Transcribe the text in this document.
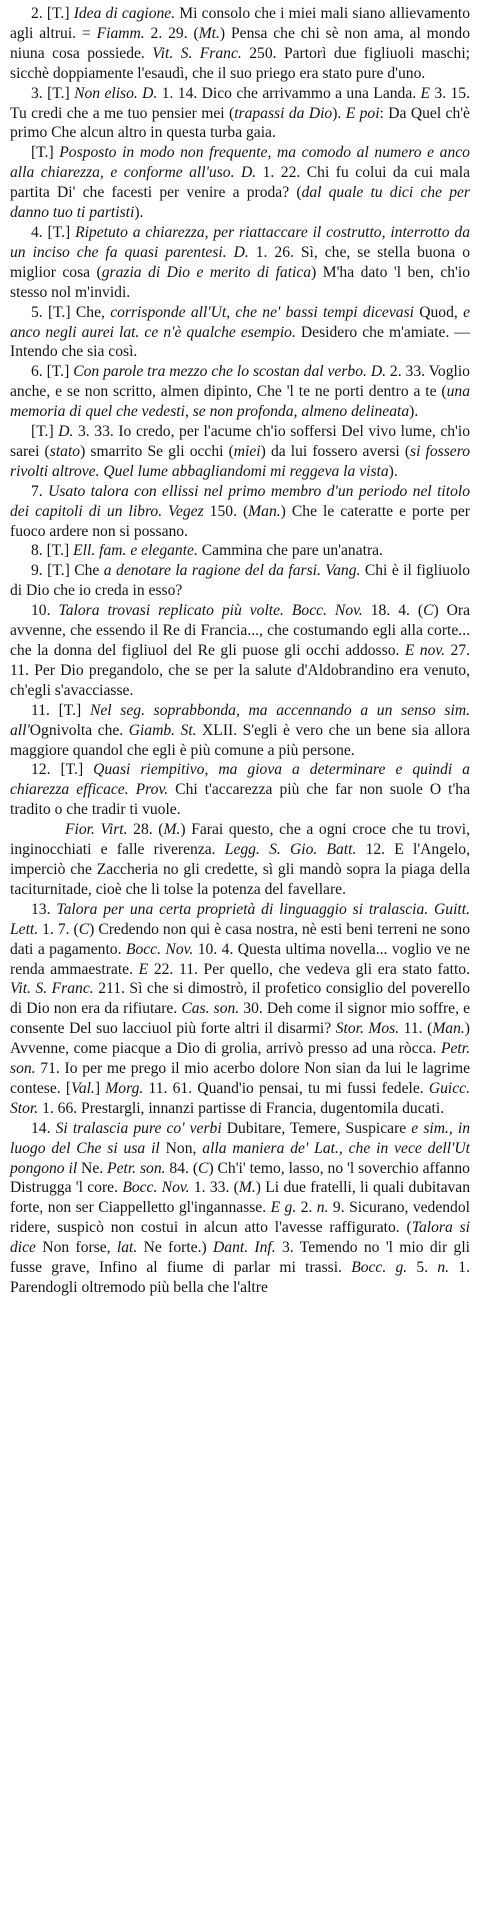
2. [T.] Idea di cagione. Mi consolo che i miei mali siano allievamento agli altrui. = Fiamm. 2. 29. (Mt.) Pensa che chi sè non ama, al mondo niuna cosa possiede. Vit. S. Franc. 250. Partorì due figliuoli maschi; sicchè doppiamente l'esaudì, che il suo priego era stato pure d'uno.

3. [T.] Non eliso. D. 1. 14. Dico che arrivammo a una Landa. E 3. 15. Tu credi che a me tuo pensier mei (trapassi da Dio). E poi: Da Quel ch'è primo Che alcun altro in questa turba gaia.

[T.] Posposto in modo non frequente, ma comodo al numero e anco alla chiarezza, e conforme all'uso. D. 1. 22. Chi fu colui da cui mala partita Di' che facesti per venire a proda? (dal quale tu dici che per danno tuo ti partisti).

4. [T.] Ripetuto a chiarezza, per riattaccare il costrutto, interrotto da un inciso che fa quasi parentesi. D. 1. 26. Sì, che, se stella buona o miglior cosa (grazia di Dio e merito di fatica) M'ha dato 'l ben, ch'io stesso nol m'invidi.

5. [T.] Che, corrisponde all'Ut, che ne' bassi tempi dicevasi Quod, e anco negli aurei lat. ce n'è qualche esempio. Desidero che m'amiate. — Intendo che sia così.

6. [T.] Con parole tra mezzo che lo scostan dal verbo. D. 2. 33. Voglio anche, e se non scritto, almen dipinto, Che 'l te ne porti dentro a te (una memoria di quel che vedesti, se non profonda, almeno delineata).

[T.] D. 3. 33. Io credo, per l'acume ch'io soffersi Del vivo lume, ch'io sarei (stato) smarrito Se gli occhi (miei) da lui fossero aversi (si fossero rivolti altrove. Quel lume abbagliandomi mi reggeva la vista).

7. Usato talora con ellissi nel primo membro d'un periodo nel titolo dei capitoli di un libro. Vegez 150. (Man.) Che le cateratte e porte per fuoco ardere non si possano.

8. [T.] Ell. fam. e elegante. Cammina che pare un'anatra.

9. [T.] Che a denotare la ragione del da farsi. Vang. Chi è il figliuolo di Dio che io creda in esso?

10. Talora trovasi replicato più volte. Bocc. Nov. 18. 4. (C) Ora avvenne, che essendo il Re di Francia..., che costumando egli alla corte... che la donna del figliuol del Re gli puose gli occhi addosso. E nov. 27. 11. Per Dio pregandolo, che se per la salute d'Aldobrandino era venuto, ch'egli s'avacciasse.

11. [T.] Nel seg. soprabbonda, ma accennando a un senso sim. all'Ognivolta che. Giamb. St. XLII. S'egli è vero che un bene sia allora maggiore quandol che egli è più comune a più persone.

12. [T.] Quasi riempitivo, ma giova a determinare e quindi a chiarezza efficace. Prov. Chi t'accarezza più che far non suole O t'ha tradito o che tradir ti vuole.

Fior. Virt. 28. (M.) Farai questo, che a ogni croce che tu trovi, inginocchiati e falle riverenza. Legg. S. Gio. Batt. 12. E l'Angelo, imperciò che Zaccheria no gli credette, sì gli mandò sopra la piaga della taciturnitade, cioè che li tolse la potenza del favellare.

13. Talora per una certa proprietà di linguaggio si tralascia. Guitt. Lett. 1. 7. (C) Credendo non qui è casa nostra, nè esti beni terreni ne sono dati a pagamento. Bocc. Nov. 10. 4. Questa ultima novella... voglio ve ne renda ammaestrate. E 22. 11. Per quello, che vedeva gli era stato fatto. Vit. S. Franc. 211. Sì che si dimostrò, il profetico consiglio del poverello di Dio non era da rifiutare. Cas. son. 30. Deh come il signor mio soffre, e consente Del suo lacciuol più forte altri il disarmi? Stor. Mos. 11. (Man.) Avvenne, come piacque a Dio di grolia, arrivò presso ad una ròcca. Petr. son. 71. Io per me prego il mio acerbo dolore Non sian da lui le lagrime contese. [Val.] Morg. 11. 61. Quand'io pensai, tu mi fussi fedele. Guicc. Stor. 1. 66. Prestargli, innanzi partisse di Francia, dugentomila ducati.

14. Si tralascia pure co' verbi Dubitare, Temere, Suspicare e sim., in luogo del Che si usa il Non, alla maniera de' Lat., che in vece dell'Ut pongono il Ne. Petr. son. 84. (C) Ch'i' temo, lasso, no 'l soverchio affanno Distrugga 'l core. Bocc. Nov. 1. 33. (M.) Li due fratelli, li quali dubitavan forte, non ser Ciappelletto gl'ingannasse. E g. 2. n. 9. Sicurano, vedendol ridere, suspicò non costui in alcun atto l'avesse raffigurato. (Talora si dice Non forse, lat. Ne forte.) Dant. Inf. 3. Temendo no 'l mio dir gli fusse grave, Infino al fiume di parlar mi trassi. Bocc. g. 5. n. 1. Parendogli oltremodo più bella che l'altre
